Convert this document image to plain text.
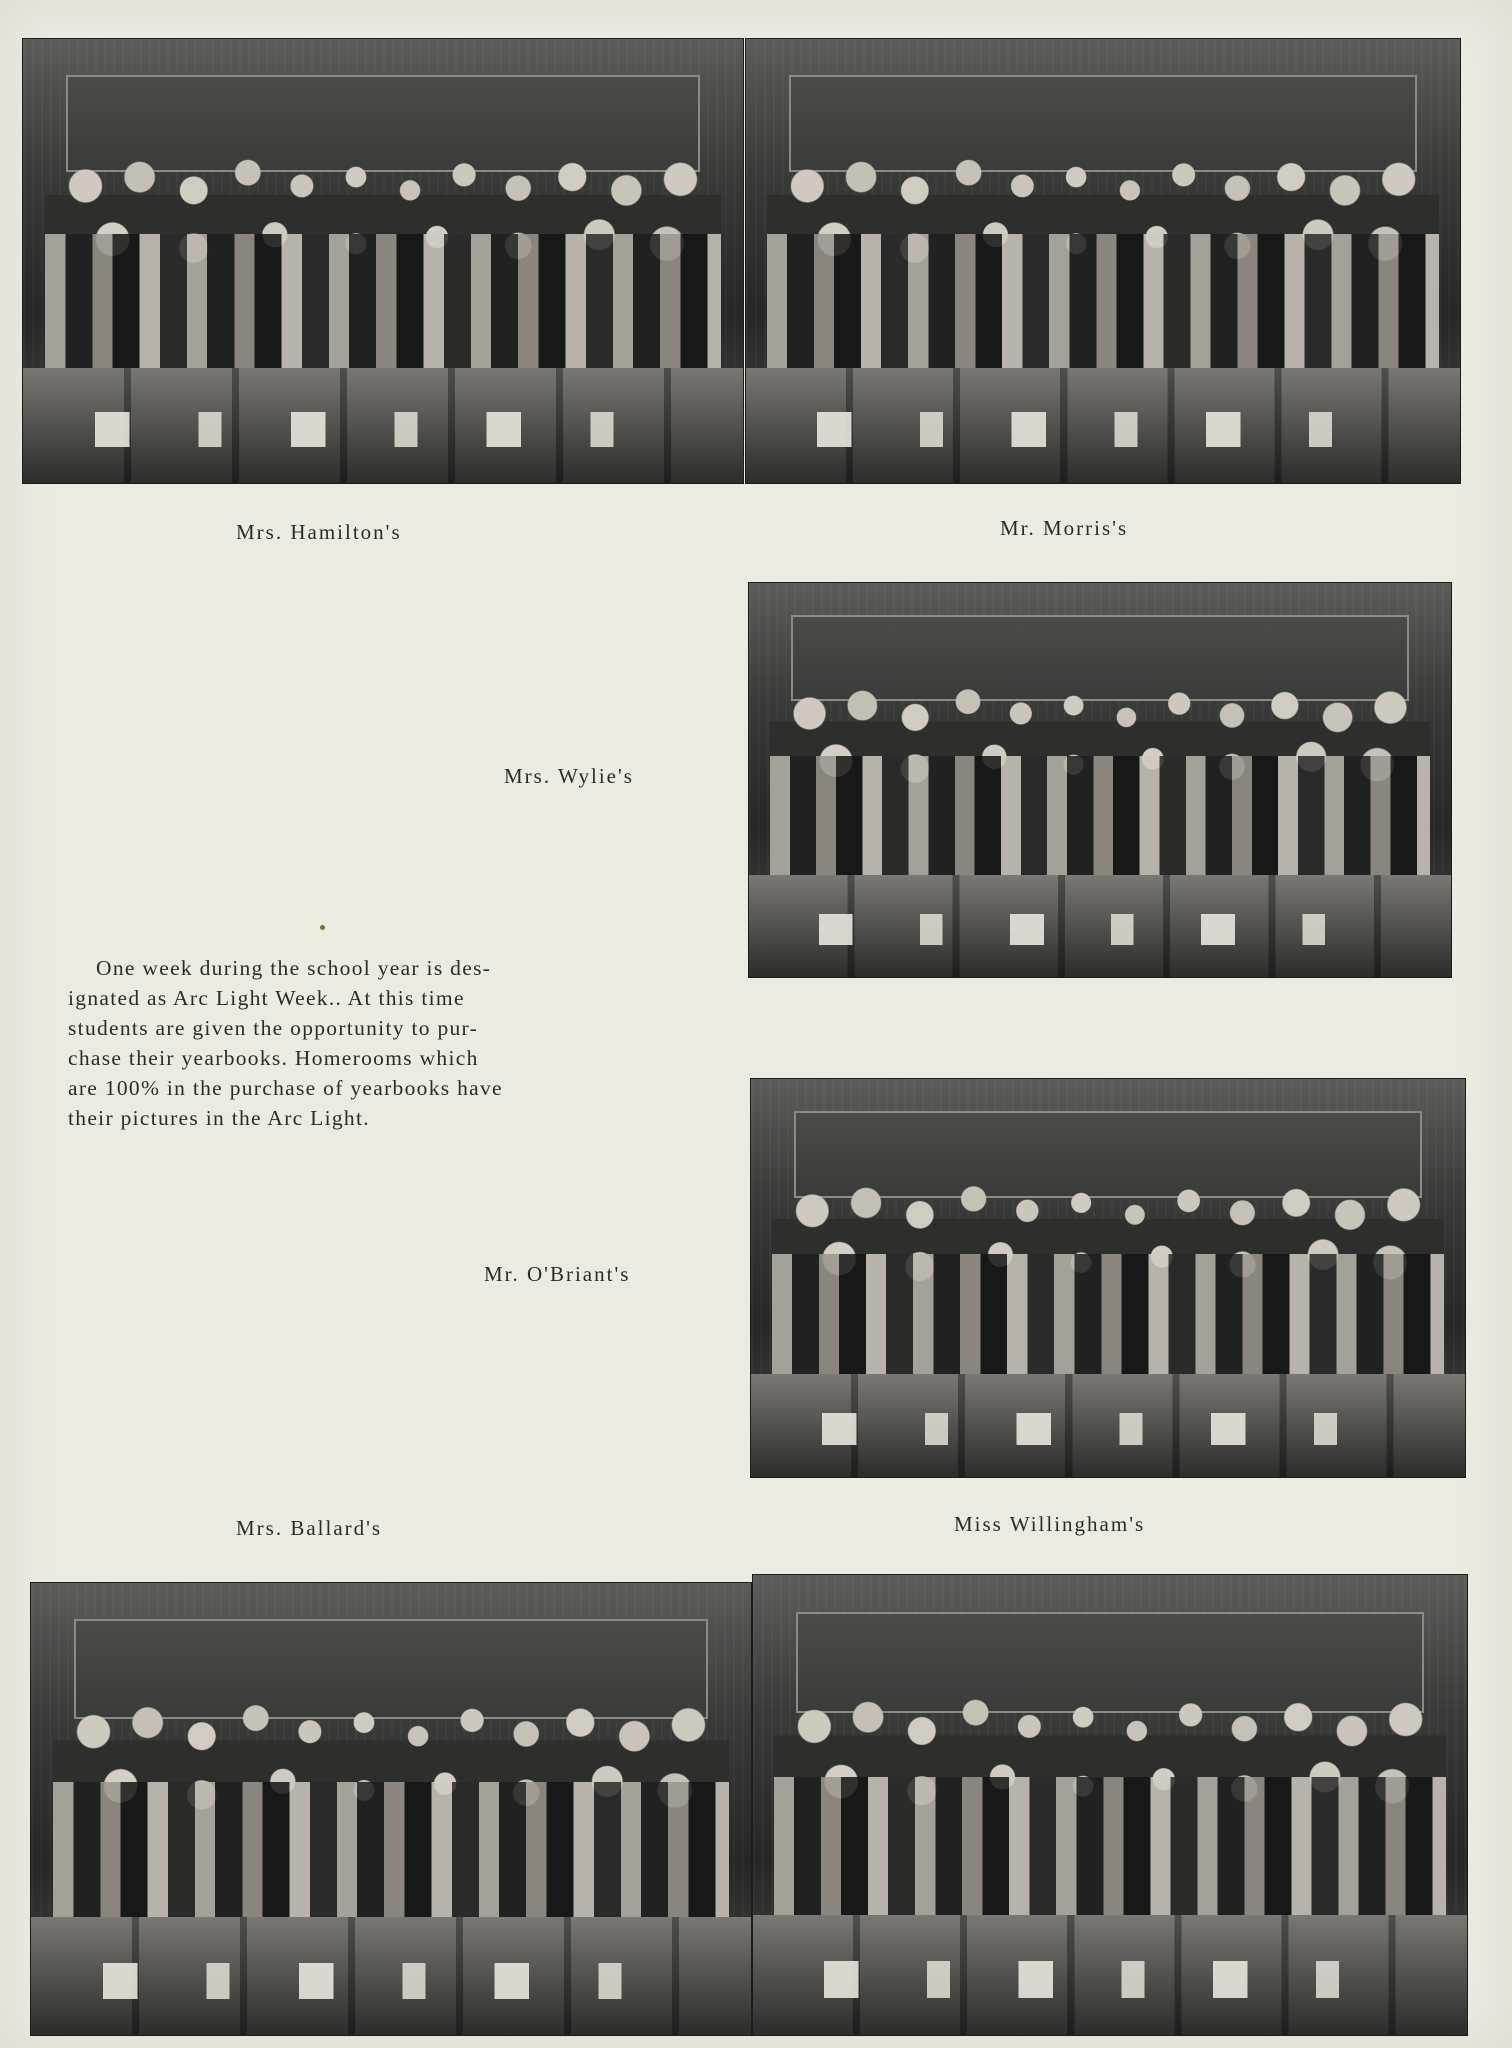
Mrs. Hamilton's	Mr. Morris's
Mrs. Wylie's
One week during the school year is des-
ignated as Arc Light Week.. At this time
students are given the opportunity to pur-
chase their yearbooks. Homerooms which
are 100% in the purchase of yearbooks have
their pictures in the Arc Light.
Mr. O'Briant's
Mrs. Ballard's	Miss Willingham's
